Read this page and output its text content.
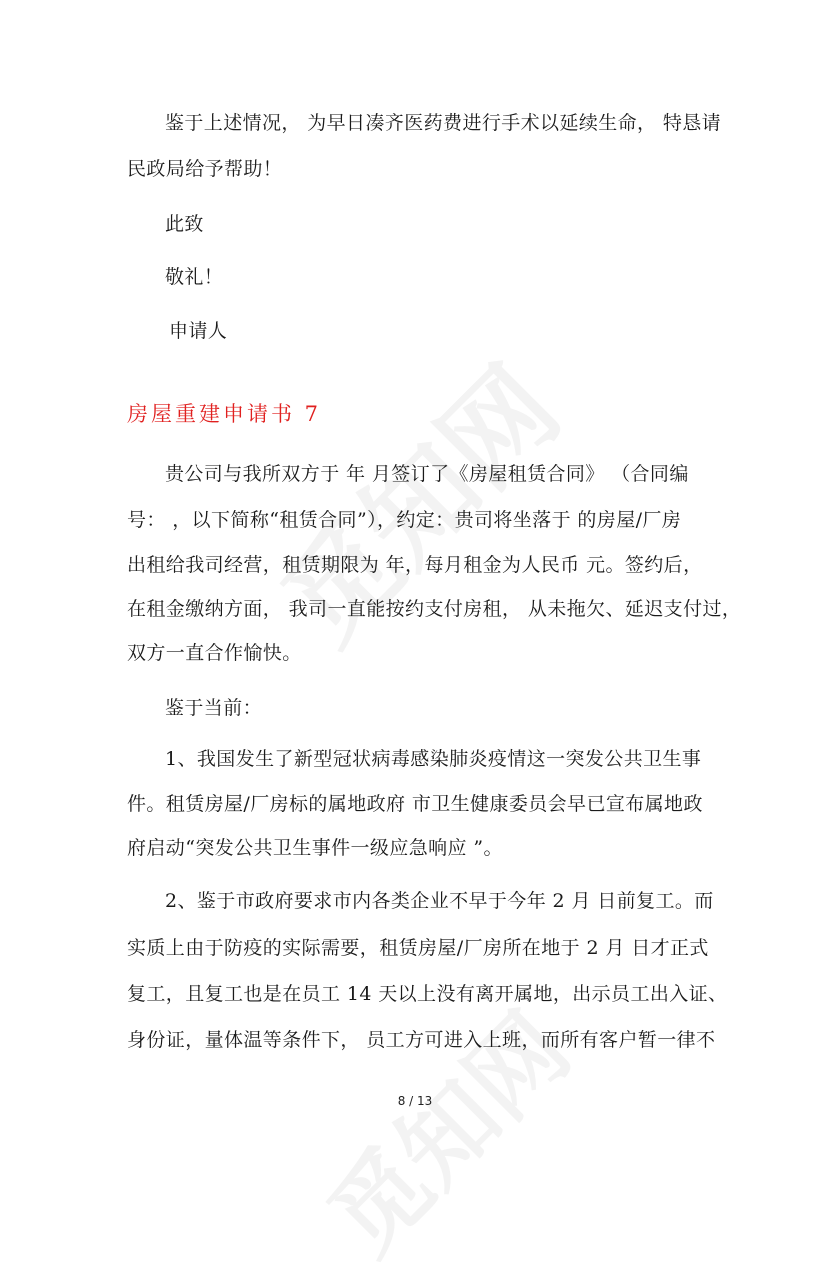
鉴于上述情况， 为早日凑齐医药费进行手术以延续生命， 特恳请
民政局给予帮助！
此致
敬礼！
申请人
房屋重建申请书 7
贵公司与我所双方于 年 月签订了《房屋租赁合同》 （合同编
号： ，以下简称“租赁合同”），约定：贵司将坐落于 的房屋/厂房
出租给我司经营，租赁期限为 年，每月租金为人民币 元。签约后，
在租金缴纳方面， 我司一直能按约支付房租， 从未拖欠、延迟支付过，
双方一直合作愉快。
鉴于当前：
1、我国发生了新型冠状病毒感染肺炎疫情这一突发公共卫生事
件。租赁房屋/厂房标的属地政府 市卫生健康委员会早已宣布属地政
府启动“突发公共卫生事件一级应急响应 ”。
2、鉴于市政府要求市内各类企业不早于今年 2 月 日前复工。而
实质上由于防疫的实际需要，租赁房屋/厂房所在地于 2 月 日才正式
复工，且复工也是在员工 14 天以上没有离开属地，出示员工出入证、
身份证，量体温等条件下， 员工方可进入上班，而所有客户暂一律不
8 / 13
